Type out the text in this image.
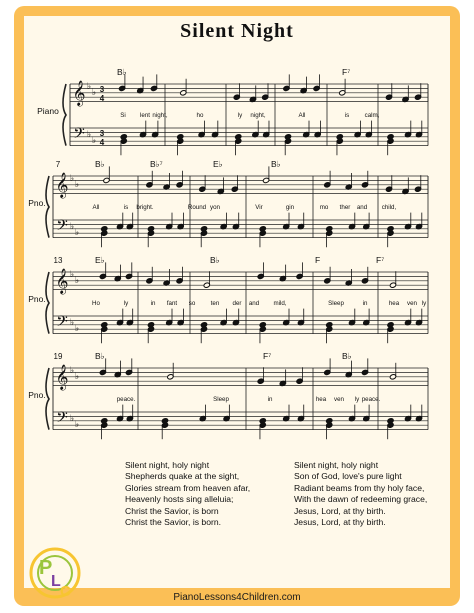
Silent Night
𝄞
𝄢
♭
♭
♭
♭
3
4
3
4
Piano
B♭	F⁷
Si lent night,	ho	ly night,	All	is calm,
𝄞
𝄢
♭
♭
♭
♭
Pno.
7	B♭	B♭⁷	E♭	B♭
All	is bright.	Round yon	Vir	gin	mo ther and child,
𝄞
𝄢
♭
♭
♭
♭
Pno.
13	E♭	B♭	F	F⁷
Ho	ly	in fant so ten der and mild,	Sleep	in	hea ven ly
𝄞
𝄢
♭
♭
♭
♭
Pno.
19	B♭	F⁷	B♭
peace.	Sleep	in	hea ven ly peace.
Silent night, holy night
Shepherds quake at the sight,
Glories stream from heaven afar,
Heavenly hosts sing alleluia;
Christ the Savior, is born
Christ the Savior, is born.
Silent night, holy night
Son of God, love's pure light
Radiant beams from thy holy face,
With the dawn of redeeming grace,
Jesus, Lord, at thy birth.
Jesus, Lord, at thy birth.
P
L
C	PianoLessons4Children.com
